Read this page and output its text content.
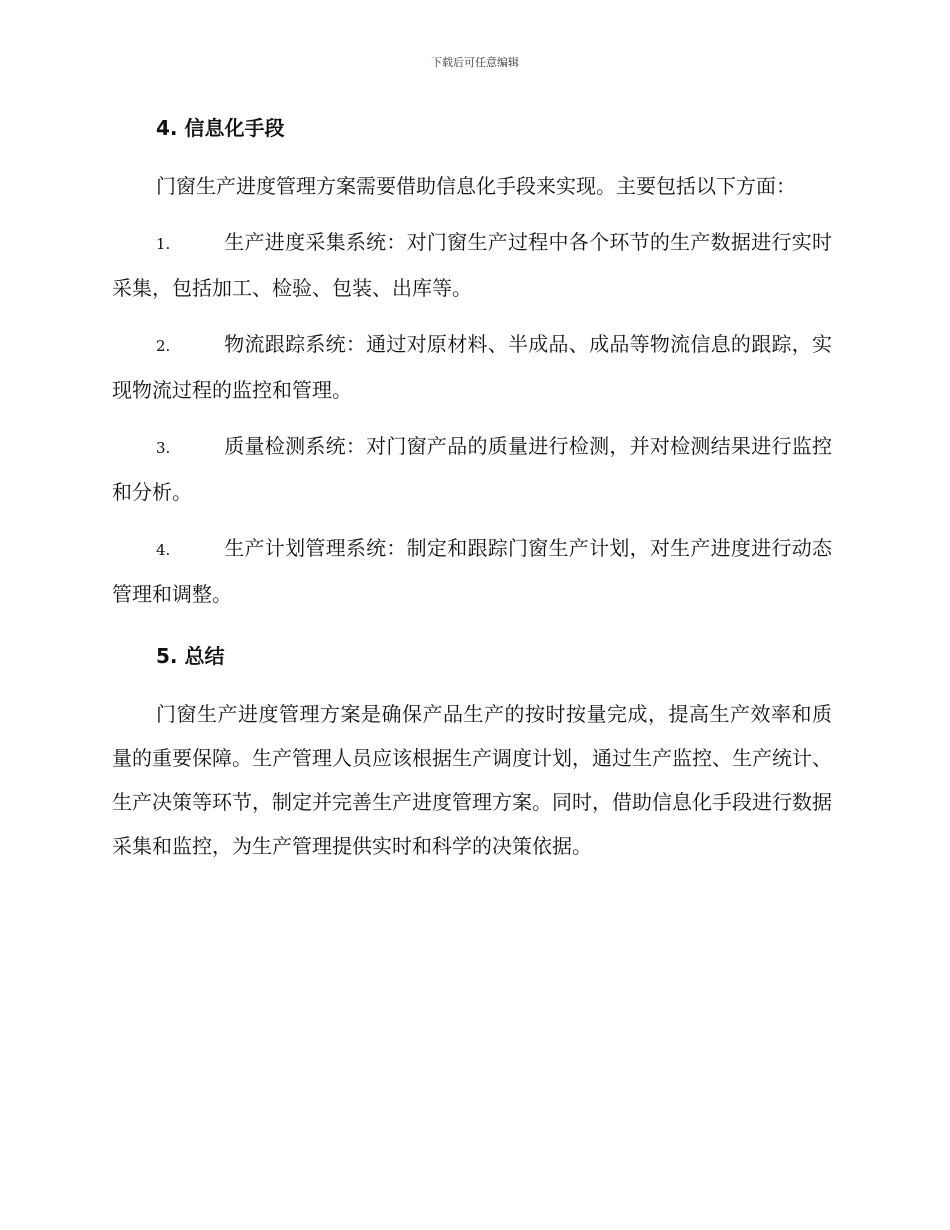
下载后可任意编辑
4. 信息化手段

门窗生产进度管理方案需要借助信息化手段来实现。主要包括以下方面：

1.	生产进度采集系统：对门窗生产过程中各个环节的生产数据进行实时采集，包括加工、检验、包装、出库等。

2.	物流跟踪系统：通过对原材料、半成品、成品等物流信息的跟踪，实现物流过程的监控和管理。

3.	质量检测系统：对门窗产品的质量进行检测，并对检测结果进行监控和分析。

4.	生产计划管理系统：制定和跟踪门窗生产计划，对生产进度进行动态管理和调整。

5. 总结

门窗生产进度管理方案是确保产品生产的按时按量完成，提高生产效率和质量的重要保障。生产管理人员应该根据生产调度计划，通过生产监控、生产统计、生产决策等环节，制定并完善生产进度管理方案。同时，借助信息化手段进行数据采集和监控，为生产管理提供实时和科学的决策依据。
